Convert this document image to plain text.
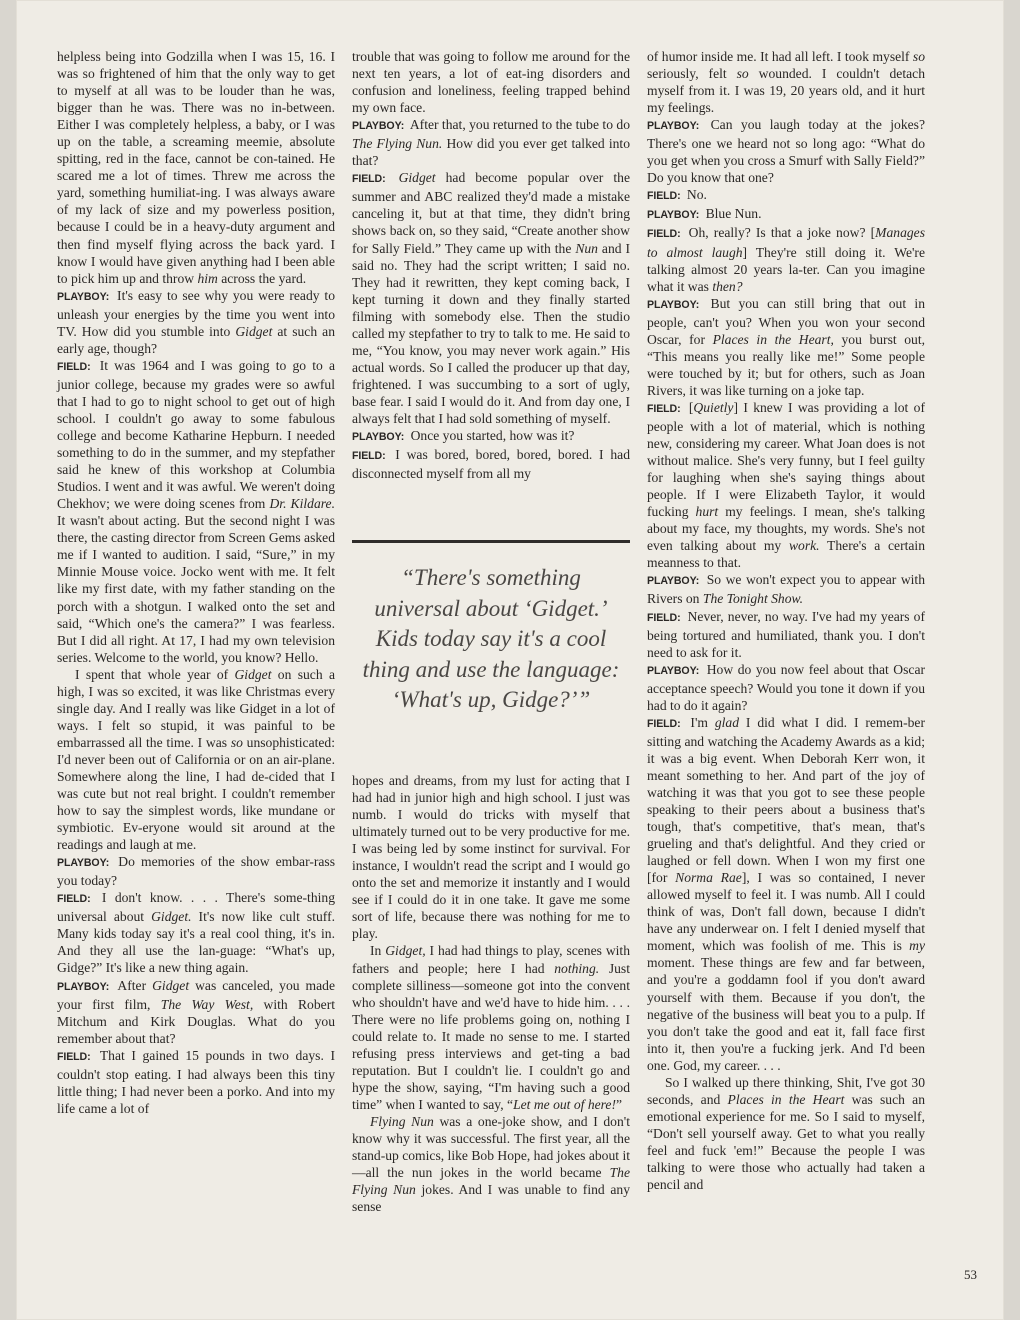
helpless being into Godzilla when I was 15, 16. I was so frightened of him that the only way to get to myself at all was to be louder than he was, bigger than he was. There was no in-between. Either I was completely helpless, a baby, or I was up on the table, a screaming meemie, absolute spitting, red in the face, cannot be con-tained. He scared me a lot of times. Threw me across the yard, something humiliat-ing. I was always aware of my lack of size and my powerless position, because I could be in a heavy-duty argument and then find myself flying across the back yard. I know I would have given anything had I been able to pick him up and throw him across the yard.

PLAYBOY: It's easy to see why you were ready to unleash your energies by the time you went into TV. How did you stumble into Gidget at such an early age, though?

FIELD: It was 1964 and I was going to go to a junior college, because my grades were so awful that I had to go to night school to get out of high school. I couldn't go away to some fabulous college and become Katharine Hepburn. I needed something to do in the summer, and my stepfather said he knew of this workshop at Columbia Studios. I went and it was awful. We weren't doing Chekhov; we were doing scenes from Dr. Kildare. It wasn't about acting. But the second night I was there, the casting director from Screen Gems asked me if I wanted to audition. I said, “Sure,” in my Minnie Mouse voice. Jocko went with me. It felt like my first date, with my father standing on the porch with a shotgun. I walked onto the set and said, “Which one's the camera?” I was fearless. But I did all right. At 17, I had my own television series. Welcome to the world, you know? Hello.

I spent that whole year of Gidget on such a high, I was so excited, it was like Christmas every single day. And I really was like Gidget in a lot of ways. I felt so stupid, it was painful to be embarrassed all the time. I was so unsophisticated: I'd never been out of California or on an air-plane. Somewhere along the line, I had de-cided that I was cute but not real bright. I couldn't remember how to say the simplest words, like mundane or symbiotic. Ev-eryone would sit around at the readings and laugh at me.

PLAYBOY: Do memories of the show embar-rass you today?

FIELD: I don't know. . . . There's some-thing universal about Gidget. It's now like cult stuff. Many kids today say it's a real cool thing, it's in. And they all use the lan-guage: “What's up, Gidge?” It's like a new thing again.

PLAYBOY: After Gidget was canceled, you made your first film, The Way West, with Robert Mitchum and Kirk Douglas. What do you remember about that?

FIELD: That I gained 15 pounds in two days. I couldn't stop eating. I had always been this tiny little thing; I had never been a porko. And into my life came a lot of

trouble that was going to follow me around for the next ten years, a lot of eat-ing disorders and confusion and loneliness, feeling trapped behind my own face.

PLAYBOY: After that, you returned to the tube to do The Flying Nun. How did you ever get talked into that?

FIELD: Gidget had become popular over the summer and ABC realized they'd made a mistake canceling it, but at that time, they didn't bring shows back on, so they said, “Create another show for Sally Field.” They came up with the Nun and I said no. They had the script written; I said no. They had it rewritten, they kept coming back, I kept turning it down and they finally started filming with somebody else. Then the studio called my stepfather to try to talk to me. He said to me, “You know, you may never work again.” His actual words. So I called the producer up that day, frightened. I was succumbing to a sort of ugly, base fear. I said I would do it. And from day one, I always felt that I had sold something of myself.

PLAYBOY: Once you started, how was it?

FIELD: I was bored, bored, bored, bored. I had disconnected myself from all my

“There's something universal about ‘Gidget.’ Kids today say it's a cool thing and use the language: ‘What's up, Gidge?’”

hopes and dreams, from my lust for acting that I had had in junior high and high school. I just was numb. I would do tricks with myself that ultimately turned out to be very productive for me. I was being led by some instinct for survival. For instance, I wouldn't read the script and I would go onto the set and memorize it instantly and I would see if I could do it in one take. It gave me some sort of life, because there was nothing for me to play.

In Gidget, I had had things to play, scenes with fathers and people; here I had nothing. Just complete silliness—someone got into the convent who shouldn't have and we'd have to hide him. . . . There were no life problems going on, nothing I could relate to. It made no sense to me. I started refusing press interviews and get-ting a bad reputation. But I couldn't lie. I couldn't go and hype the show, saying, “I'm having such a good time” when I wanted to say, “Let me out of here!”

Flying Nun was a one-joke show, and I don't know why it was successful. The first year, all the stand-up comics, like Bob Hope, had jokes about it—all the nun jokes in the world became The Flying Nun jokes. And I was unable to find any sense

of humor inside me. It had all left. I took myself so seriously, felt so wounded. I couldn't detach myself from it. I was 19, 20 years old, and it hurt my feelings.

PLAYBOY: Can you laugh today at the jokes? There's one we heard not so long ago: “What do you get when you cross a Smurf with Sally Field?” Do you know that one?

FIELD: No.

PLAYBOY: Blue Nun.

FIELD: Oh, really? Is that a joke now? [Manages to almost laugh] They're still doing it. We're talking almost 20 years la-ter. Can you imagine what it was then?

PLAYBOY: But you can still bring that out in people, can't you? When you won your second Oscar, for Places in the Heart, you burst out, “This means you really like me!” Some people were touched by it; but for others, such as Joan Rivers, it was like turning on a joke tap.

FIELD: [Quietly] I knew I was providing a lot of people with a lot of material, which is nothing new, considering my career. What Joan does is not without malice. She's very funny, but I feel guilty for laughing when she's saying things about people. If I were Elizabeth Taylor, it would fucking hurt my feelings. I mean, she's talking about my face, my thoughts, my words. She's not even talking about my work. There's a certain meanness to that.

PLAYBOY: So we won't expect you to appear with Rivers on The Tonight Show.

FIELD: Never, never, no way. I've had my years of being tortured and humiliated, thank you. I don't need to ask for it.

PLAYBOY: How do you now feel about that Oscar acceptance speech? Would you tone it down if you had to do it again?

FIELD: I'm glad I did what I did. I remem-ber sitting and watching the Academy Awards as a kid; it was a big event. When Deborah Kerr won, it meant something to her. And part of the joy of watching it was that you got to see these people speaking to their peers about a business that's tough, that's competitive, that's mean, that's grueling and that's delightful. And they cried or laughed or fell down. When I won my first one [for Norma Rae], I was so contained, I never allowed myself to feel it. I was numb. All I could think of was, Don't fall down, because I didn't have any underwear on. I felt I denied myself that moment, which was foolish of me. This is my moment. These things are few and far between, and you're a goddamn fool if you don't award yourself with them. Because if you don't, the negative of the business will beat you to a pulp. If you don't take the good and eat it, fall face first into it, then you're a fucking jerk. And I'd been one. God, my career. . . .

So I walked up there thinking, Shit, I've got 30 seconds, and Places in the Heart was such an emotional experience for me. So I said to myself, “Don't sell yourself away. Get to what you really feel and fuck 'em!” Because the people I was talking to were those who actually had taken a pencil and

53
